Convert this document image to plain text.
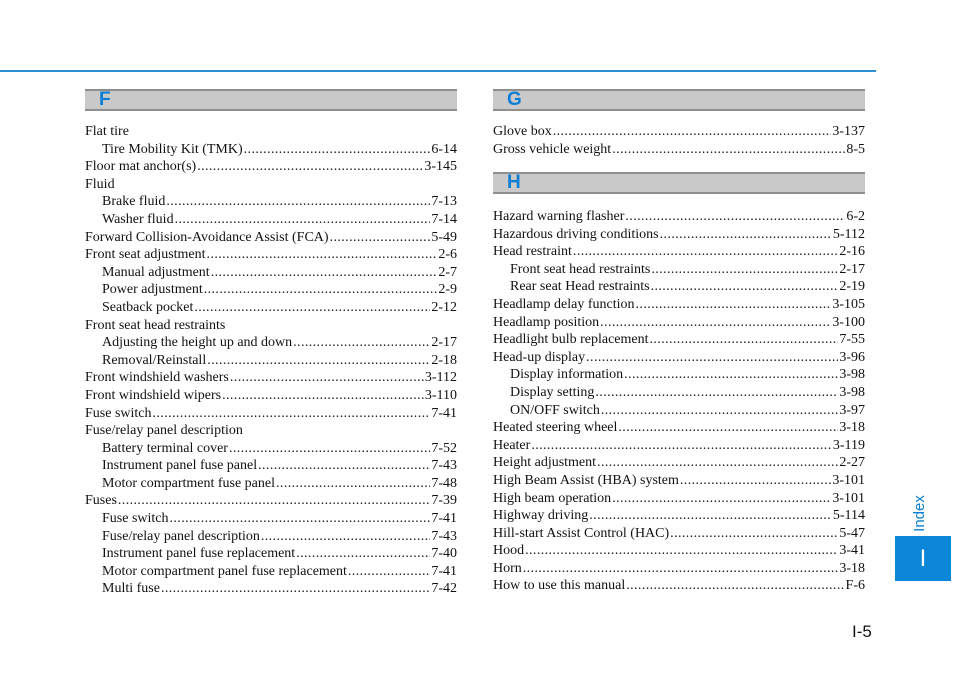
F
Flat tire
Tire Mobility Kit (TMK) .....	6-14
Floor mat anchor(s) .....	3-145
Fluid
Brake fluid .....	7-13
Washer fluid .....	7-14
Forward Collision-Avoidance Assist (FCA) .....	5-49
Front seat adjustment .....	2-6
Manual adjustment .....	2-7
Power adjustment .....	2-9
Seatback pocket .....	2-12
Front seat head restraints
Adjusting the height up and down .....	2-17
Removal/Reinstall .....	2-18
Front windshield washers .....	3-112
Front windshield wipers .....	3-110
Fuse switch .....	7-41
Fuse/relay panel description
Battery terminal cover .....	7-52
Instrument panel fuse panel .....	7-43
Motor compartment fuse panel .....	7-48
Fuses .....	7-39
Fuse switch .....	7-41
Fuse/relay panel description .....	7-43
Instrument panel fuse replacement .....	7-40
Motor compartment panel fuse replacement .....	7-41
Multi fuse .....	7-42
G
Glove box .....	3-137
Gross vehicle weight .....	8-5
H
Hazard warning flasher .....	6-2
Hazardous driving conditions .....	5-112
Head restraint .....	2-16
Front seat head restraints .....	2-17
Rear seat Head restraints .....	2-19
Headlamp delay function .....	3-105
Headlamp position .....	3-100
Headlight bulb replacement .....	7-55
Head-up display .....	3-96
Display information .....	3-98
Display setting .....	3-98
ON/OFF switch .....	3-97
Heated steering wheel .....	3-18
Heater .....	3-119
Height adjustment .....	2-27
High Beam Assist (HBA) system .....	3-101
High beam operation .....	3-101
Highway driving .....	5-114
Hill-start Assist Control (HAC) .....	5-47
Hood .....	3-41
Horn .....	3-18
How to use this manual .....	F-6
Index
I
I-5
